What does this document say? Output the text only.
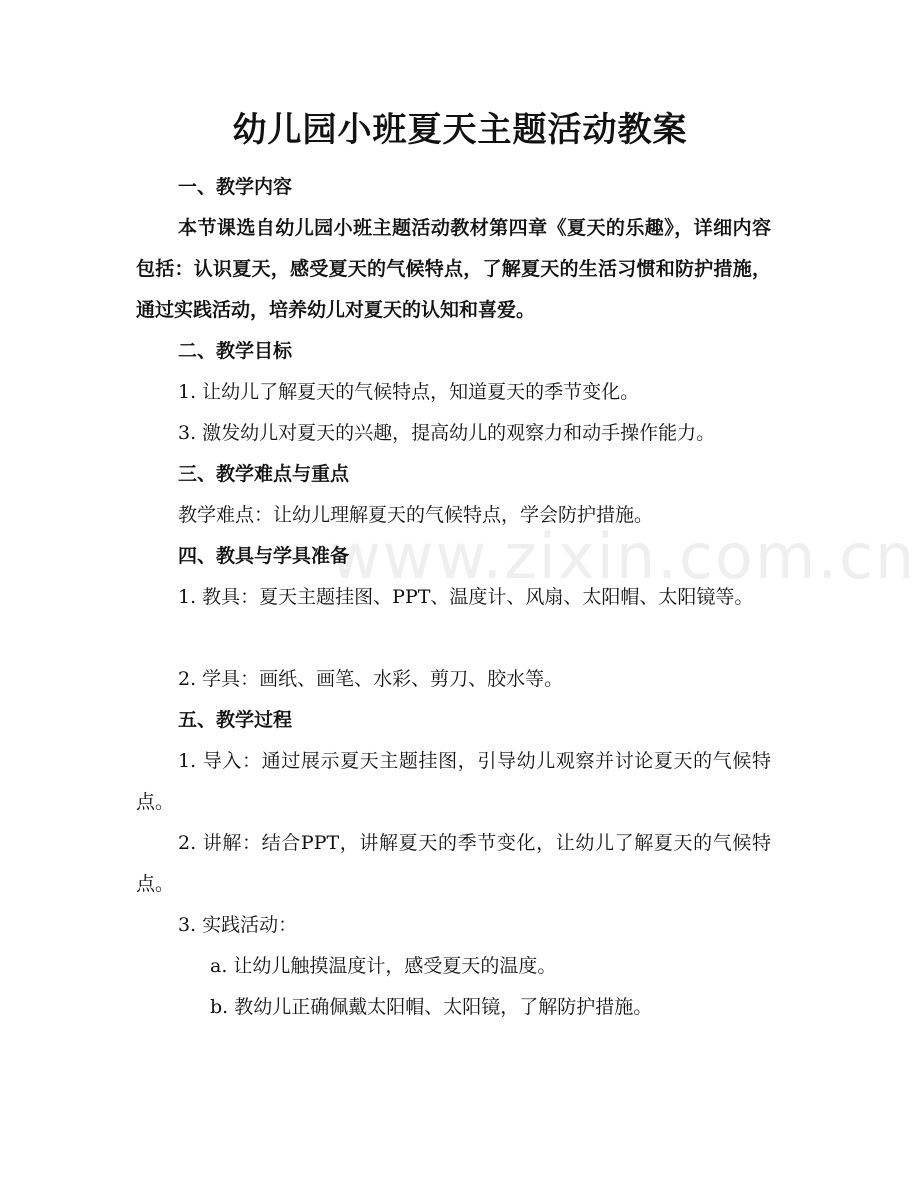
www.zixin.com.cn
幼儿园小班夏天主题活动教案

一、教学内容

本节课选自幼儿园小班主题活动教材第四章《夏天的乐趣》，详细内容包括：认识夏天，感受夏天的气候特点，了解夏天的生活习惯和防护措施，通过实践活动，培养幼儿对夏天的认知和喜爱。

二、教学目标

1. 让幼儿了解夏天的气候特点，知道夏天的季节变化。

3. 激发幼儿对夏天的兴趣，提高幼儿的观察力和动手操作能力。

三、教学难点与重点

教学难点：让幼儿理解夏天的气候特点，学会防护措施。

四、教具与学具准备

1. 教具：夏天主题挂图、PPT、温度计、风扇、太阳帽、太阳镜等。

2. 学具：画纸、画笔、水彩、剪刀、胶水等。

五、教学过程

1. 导入：通过展示夏天主题挂图，引导幼儿观察并讨论夏天的气候特点。

2. 讲解：结合PPT，讲解夏天的季节变化，让幼儿了解夏天的气候特点。

3. 实践活动：

a. 让幼儿触摸温度计，感受夏天的温度。

b. 教幼儿正确佩戴太阳帽、太阳镜，了解防护措施。
